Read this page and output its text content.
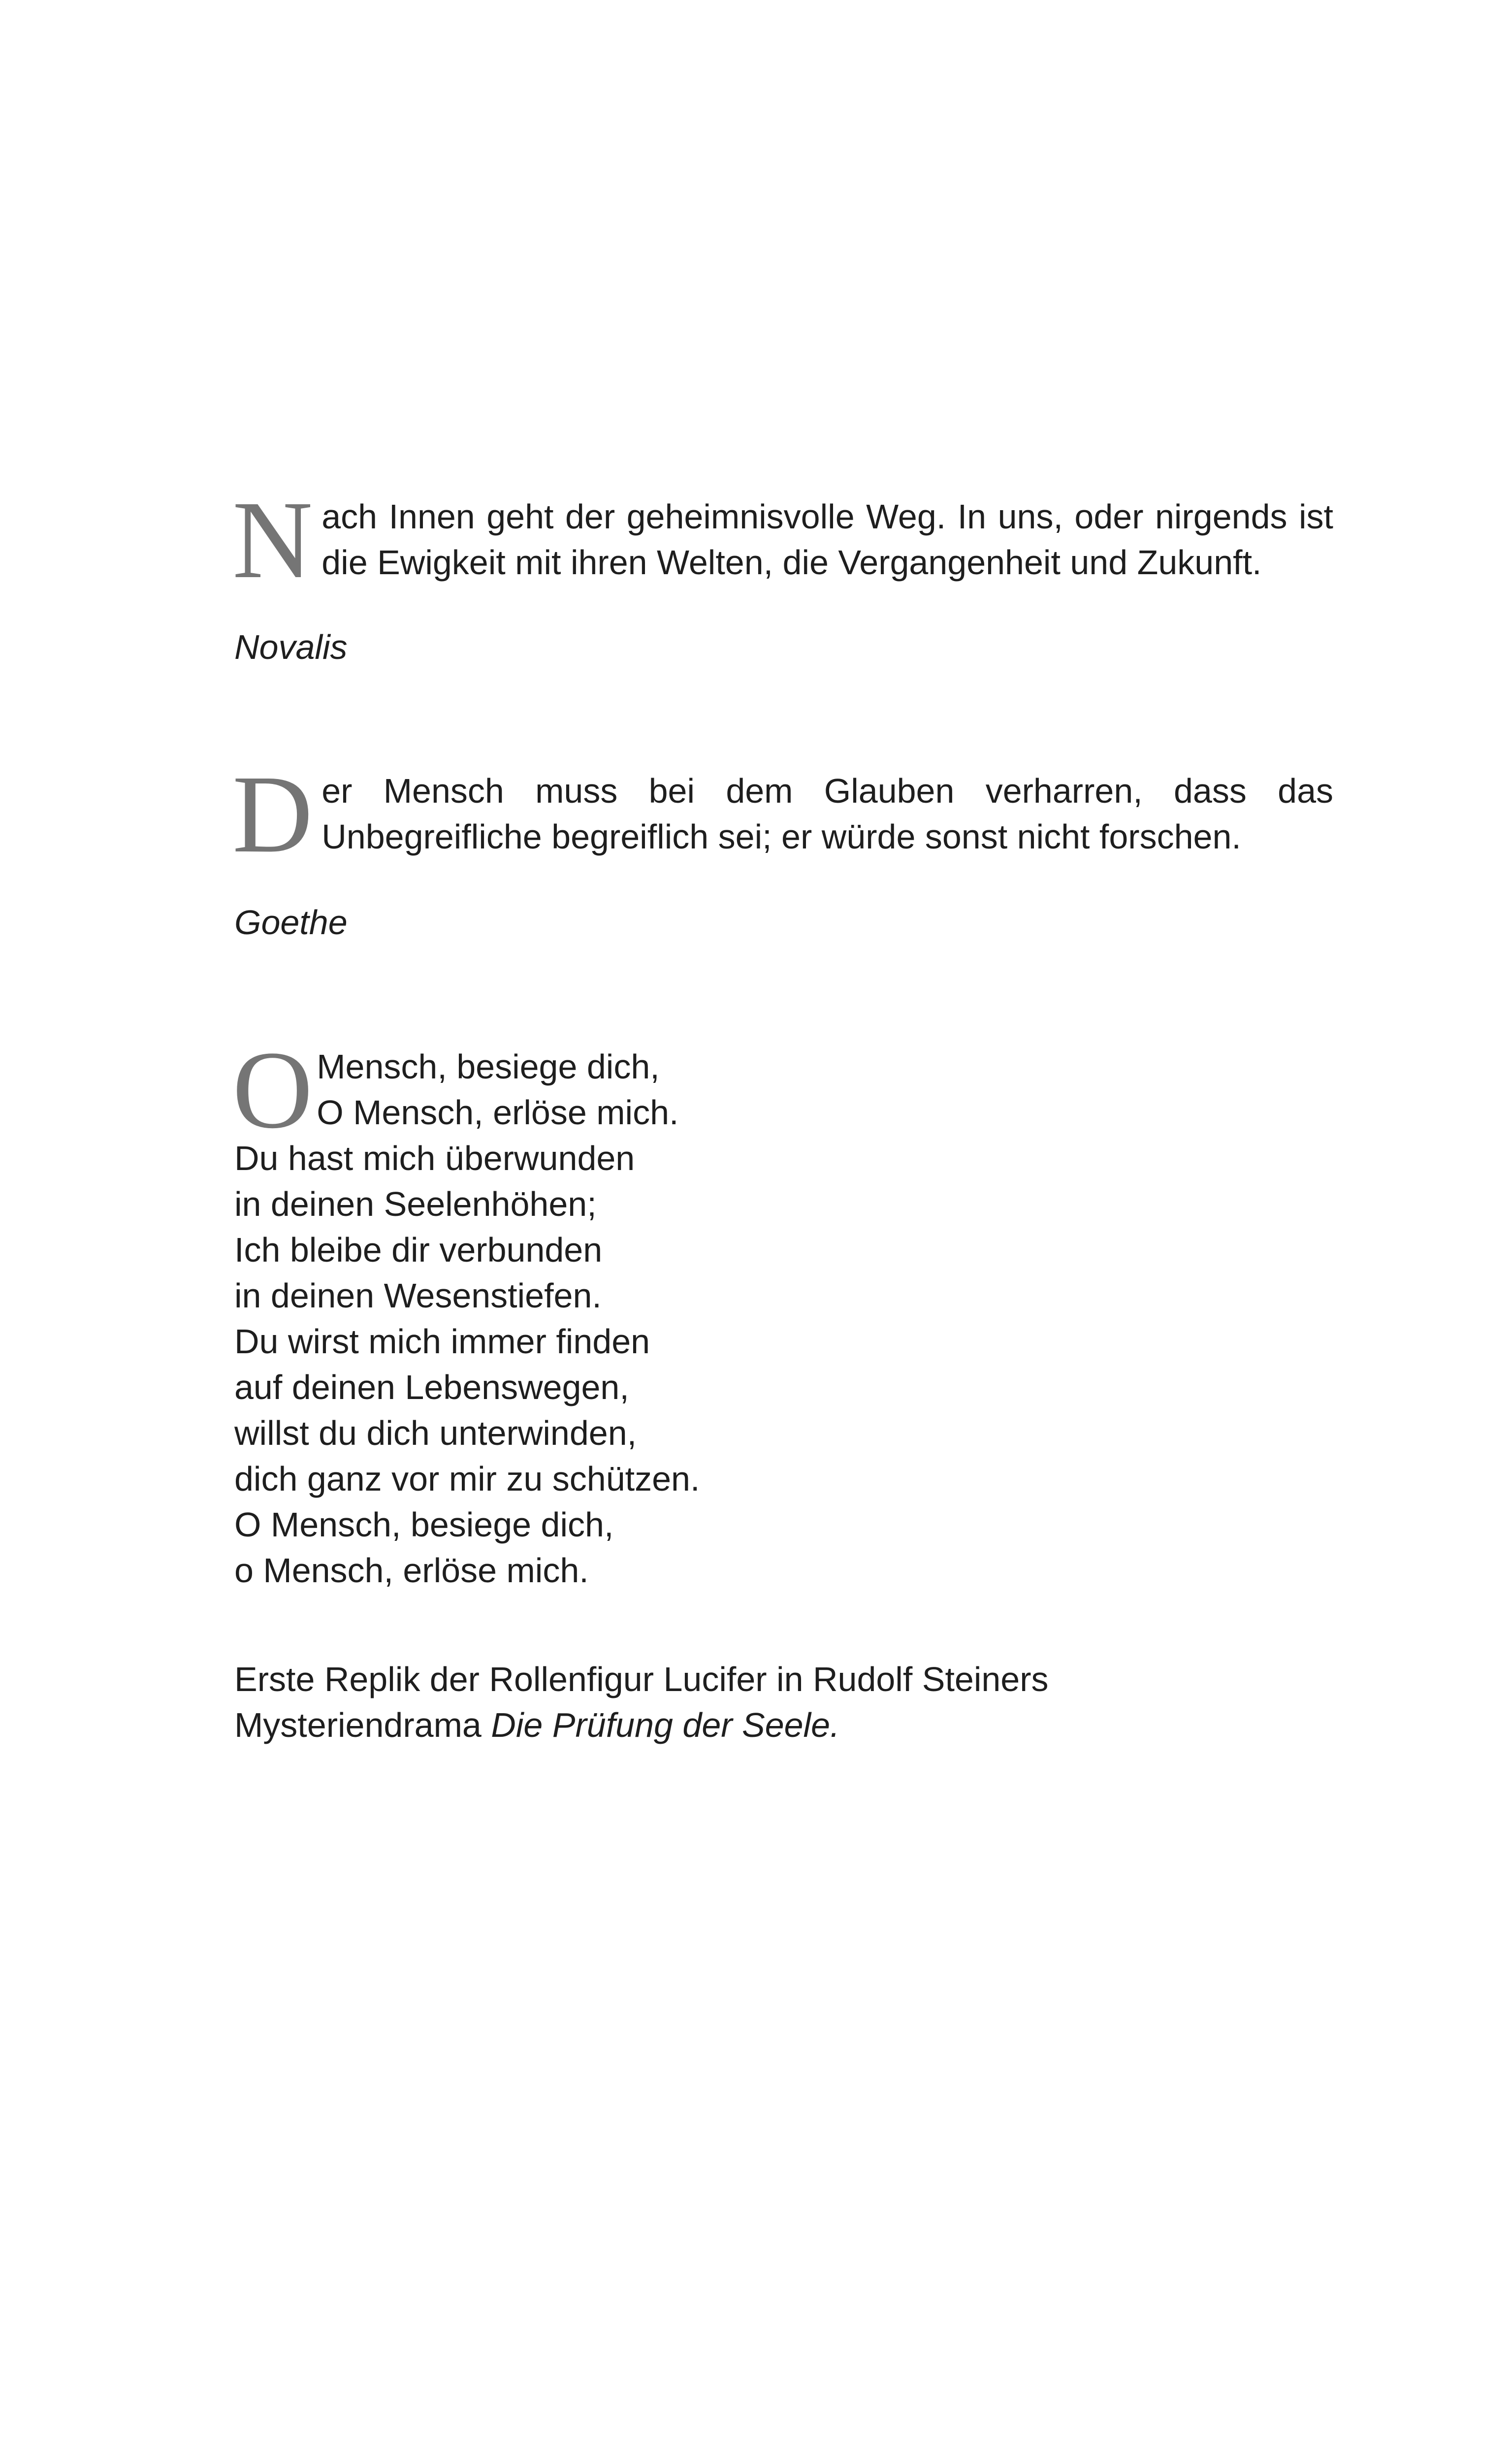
Nach Innen geht der geheimnisvolle Weg. In uns, oder nirgends ist die Ewigkeit mit ihren Welten, die Vergangenheit und Zukunft.

Novalis

Der Mensch muss bei dem Glauben verharren, dass das Unbegreifliche begreiflich sei; er würde sonst nicht forschen.

Goethe

O Mensch, besiege dich,
O Mensch, erlöse mich.
Du hast mich überwunden
in deinen Seelenhöhen;
Ich bleibe dir verbunden
in deinen Wesenstiefen.
Du wirst mich immer finden
auf deinen Lebenswegen,
willst du dich unterwinden,
dich ganz vor mir zu schützen.
O Mensch, besiege dich,
o Mensch, erlöse mich.

Erste Replik der Rollenfigur Lucifer in Rudolf Steiners
Mysteriendrama Die Prüfung der Seele.
